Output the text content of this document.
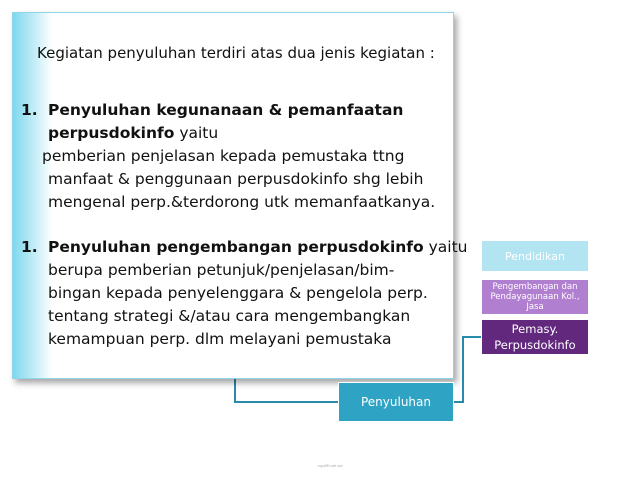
Kegiatan penyuluhan terdiri atas dua jenis kegiatan :
1. Penyuluhan kegunanaan & pemanfaatan
perpusdokinfo yaitu
pemberian penjelasan kepada pemustaka ttng
manfaat & penggunaan perpusdokinfo shg lebih
mengenal perp.&terdorong utk memanfaatkanya.
1. Penyuluhan pengembangan perpusdokinfo yaitu
berupa pemberian petunjuk/penjelasan/bim-
bingan kepada penyelenggara & pengelola perp.
tentang strategi &/atau cara mengembangkan
kemampuan perp. dlm melayani pemustaka
Penyuluhan
Pendidikan
Pengembangan dan Pendayagunaan Kol., Jasa
Pemasy.
Perpusdokinfo
rupaRt.net wd
